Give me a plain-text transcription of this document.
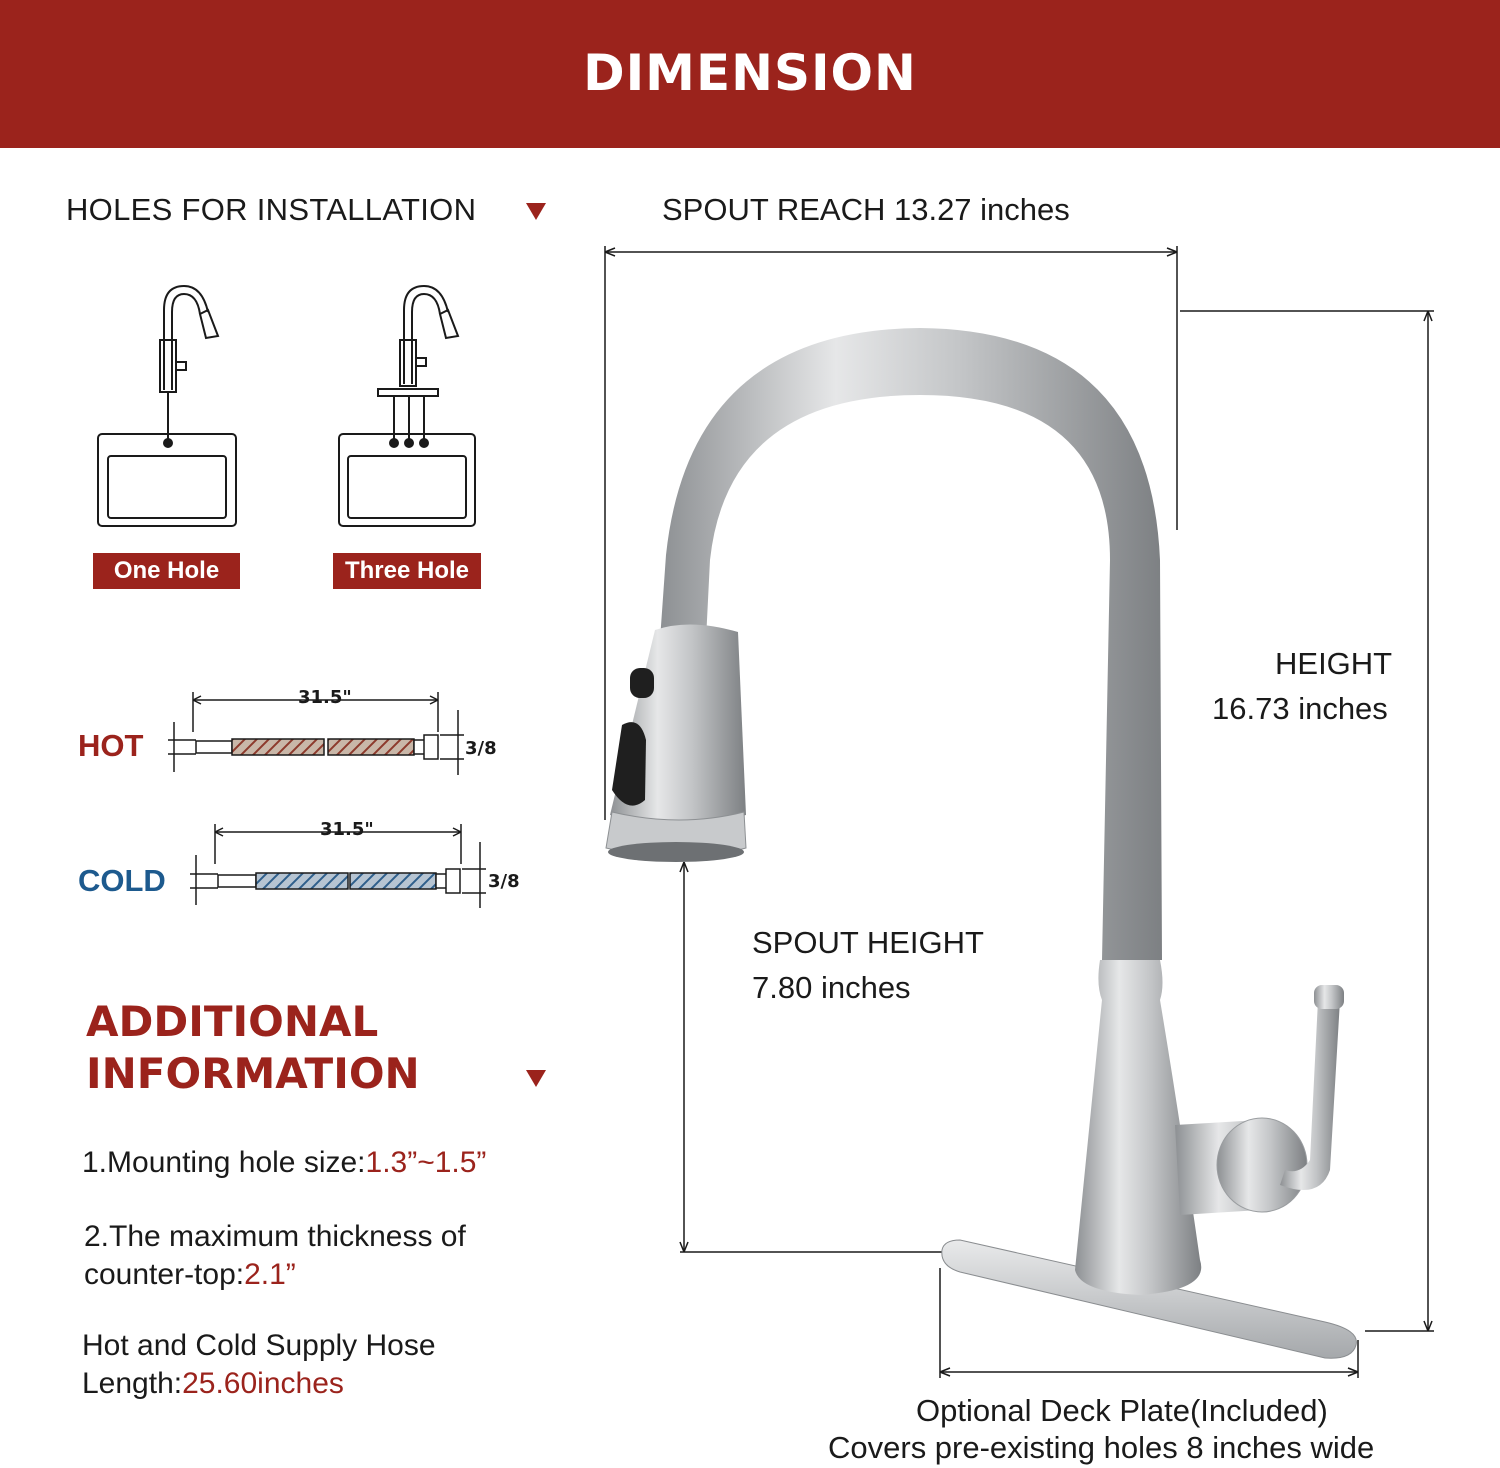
DIMENSION
31.5"
3/8
31.5"
3/8
HOLES FOR INSTALLATION
One Hole	Three Hole
HOT
COLD
ADDITIONAL
INFORMATION
1.Mounting hole size:1.3”~1.5”
2.The maximum thickness of counter-top:2.1”
Hot and Cold Supply Hose Length:25.60inches
SPOUT REACH 13.27 inches
HEIGHT
16.73 inches
SPOUT HEIGHT
7.80 inches
Optional Deck Plate(Included)
Covers pre-existing holes 8 inches wide
